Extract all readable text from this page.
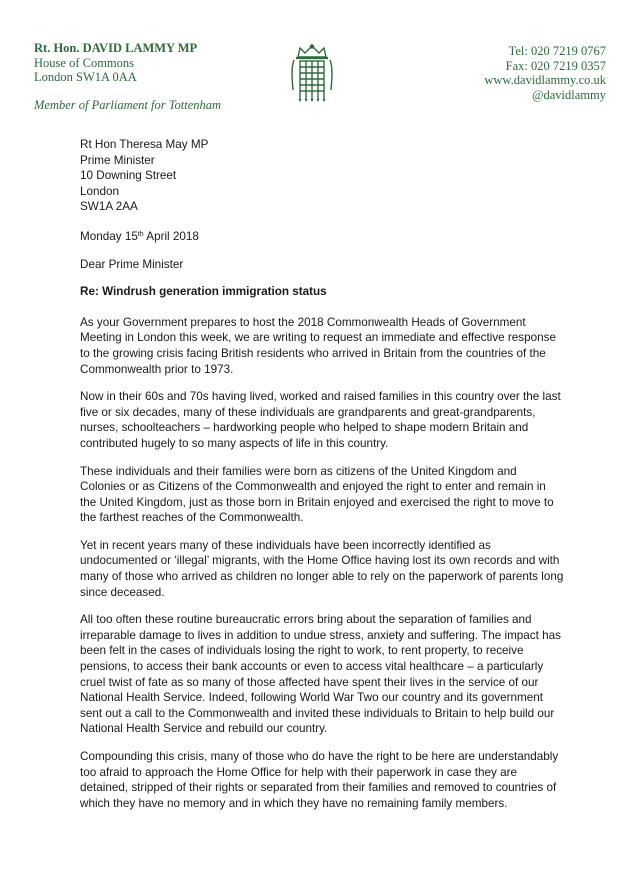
Rt. Hon. DAVID LAMMY MP
House of Commons
London SW1A 0AA
Member of Parliament for Tottenham
Tel: 020 7219 0767
Fax: 020 7219 0357
www.davidlammy.co.uk
@davidlammy
Rt Hon Theresa May MP
Prime Minister
10 Downing Street
London
SW1A 2AA
Monday 15th April 2018
Dear Prime Minister
Re: Windrush generation immigration status

As your Government prepares to host the 2018 Commonwealth Heads of Government Meeting in London this week, we are writing to request an immediate and effective response to the growing crisis facing British residents who arrived in Britain from the countries of the Commonwealth prior to 1973.

Now in their 60s and 70s having lived, worked and raised families in this country over the last five or six decades, many of these individuals are grandparents and great-grandparents, nurses, schoolteachers – hardworking people who helped to shape modern Britain and contributed hugely to so many aspects of life in this country.

These individuals and their families were born as citizens of the United Kingdom and Colonies or as Citizens of the Commonwealth and enjoyed the right to enter and remain in the United Kingdom, just as those born in Britain enjoyed and exercised the right to move to the farthest reaches of the Commonwealth.

Yet in recent years many of these individuals have been incorrectly identified as undocumented or ‘illegal’ migrants, with the Home Office having lost its own records and with many of those who arrived as children no longer able to rely on the paperwork of parents long since deceased.

All too often these routine bureaucratic errors bring about the separation of families and irreparable damage to lives in addition to undue stress, anxiety and suffering. The impact has been felt in the cases of individuals losing the right to work, to rent property, to receive pensions, to access their bank accounts or even to access vital healthcare – a particularly cruel twist of fate as so many of those affected have spent their lives in the service of our National Health Service. Indeed, following World War Two our country and its government sent out a call to the Commonwealth and invited these individuals to Britain to help build our National Health Service and rebuild our country.

Compounding this crisis, many of those who do have the right to be here are understandably too afraid to approach the Home Office for help with their paperwork in case they are detained, stripped of their rights or separated from their families and removed to countries of which they have no memory and in which they have no remaining family members.
